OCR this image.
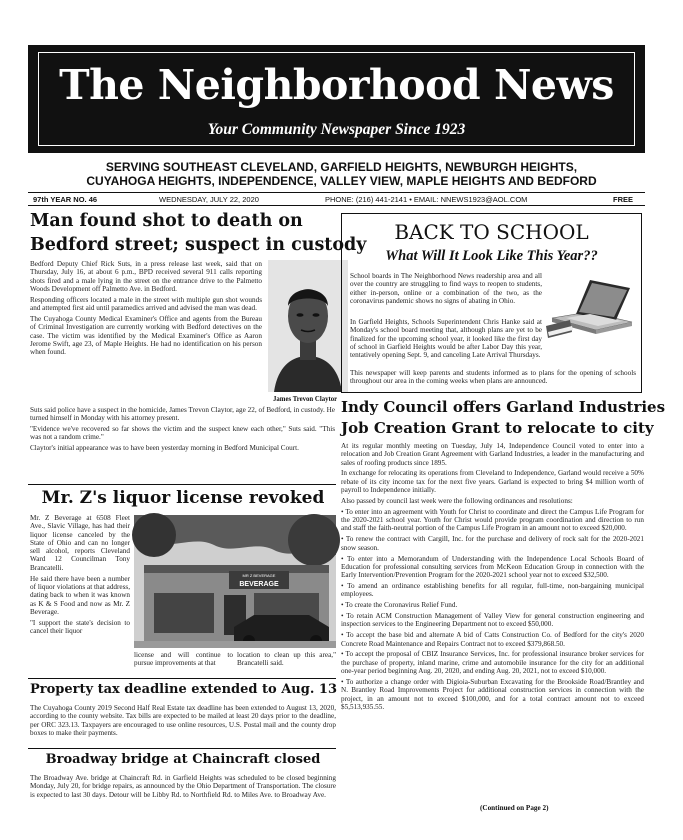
The Neighborhood News
Your Community Newspaper Since 1923
SERVING SOUTHEAST CLEVELAND, GARFIELD HEIGHTS, NEWBURGH HEIGHTS,
CUYAHOGA HEIGHTS, INDEPENDENCE, VALLEY VIEW, MAPLE HEIGHTS AND BEDFORD
97th YEAR NO. 46	WEDNESDAY, JULY 22, 2020	PHONE: (216) 441-2141 • EMAIL: NNEWS1923@AOL.COM	FREE
Man found shot to death on
Bedford street; suspect in custody

Bedford Deputy Chief Rick Suts, in a press release last week, said that on Thursday, July 16, at about 6 p.m., BPD received several 911 calls reporting shots fired and a male lying in the street on the entrance drive to the Palmetto Woods Development off Palmetto Ave. in Bedford.

Responding officers located a male in the street with multiple gun shot wounds and attempted first aid until paramedics arrived and advised the man was dead.

The Cuyahoga County Medical Examiner's Office and agents from the Bureau of Criminal Investigation are currently working with Bedford detectives on the case. The victim was identified by the Medical Examiner's Office as Aaron Jerome Swift, age 23, of Maple Heights. He had no identification on his person when found.

Suts said police have a suspect in the homicide, James Trevon Claytor, age 22, of Bedford, in custody. He turned himself in Monday with his attorney present.

"Evidence we've recovered so far shows the victim and the suspect knew each other," Suts said. "This was not a random crime."

Claytor's initial appearance was to have been yesterday morning in Bedford Municipal Court.

James Trevon Claytor
Mr. Z's liquor license revoked

Mr. Z Beverage at 6508 Fleet Ave., Slavic Village, has had their liquor license canceled by the State of Ohio and can no longer sell alcohol, reports Cleveland Ward 12 Councilman Tony Brancatelli.

He said there have been a number of liquor violations at that address, dating back to when it was known as K & S Food and now as Mr. Z Beverage.

"I support the state's decision to cancel their liquor

license and will continue to pursue improvements at that
location to clean up this area," Brancatelli said.
MR Z BEVERAGE
BEVERAGE
Property tax deadline extended to Aug. 13
The Cuyahoga County 2019 Second Half Real Estate tax deadline has been extended to August 13, 2020, according to the county website. Tax bills are expected to be mailed at least 20 days prior to the deadline, per ORC 323.13. Taxpayers are encouraged to use online resources, U.S. Postal mail and the county drop boxes to make their payments.
Broadway bridge at Chaincraft closed
The Broadway Ave. bridge at Chaincraft Rd. in Garfield Heights was scheduled to be closed beginning Monday, July 20, for bridge repairs, as announced by the Ohio Department of Transportation. The closure is expected to last 30 days. Detour will be Libby Rd. to Northfield Rd. to Miles Ave. to Broadway Ave.
BACK TO SCHOOL
What Will It Look Like This Year??
School boards in The Neighborhood News readership area and all over the country are struggling to find ways to reopen to students, either in-person, online or a combination of the two, as the coronavirus pandemic shows no signs of abating in Ohio.
In Garfield Heights, Schools Superintendent Chris Hanke said at Monday's school board meeting that, although plans are yet to be finalized for the upcoming school year, it looked like the first day of school in Garfield Heights would be after Labor Day this year, tentatively opening Sept. 9, and canceling Late Arrival Thursdays.
This newspaper will keep parents and students informed as to plans for the opening of schools throughout our area in the coming weeks when plans are announced.
Indy Council offers Garland Industries
Job Creation Grant to relocate to city

At its regular monthly meeting on Tuesday, July 14, Independence Council voted to enter into a relocation and Job Creation Grant Agreement with Garland Industries, a leader in the manufacturing and sales of roofing products since 1895.

In exchange for relocating its operations from Cleveland to Independence, Garland would receive a 50% rebate of its city income tax for the next five years. Garland is expected to bring $4 million worth of payroll to Independence initially.

Also passed by council last week were the following ordinances and resolutions:

• To enter into an agreement with Youth for Christ to coordinate and direct the Campus Life Program for the 2020-2021 school year. Youth for Christ would provide program coordination and direction to run and staff the faith-neutral portion of the Campus Life Program in an amount not to exceed $20,000.

• To renew the contract with Cargill, Inc. for the purchase and delivery of rock salt for the 2020-2021 snow season.

• To enter into a Memorandum of Understanding with the Independence Local Schools Board of Education for professional consulting services from McKeon Education Group in connection with the Early Intervention/Prevention Program for the 2020-2021 school year not to exceed $32,500.

• To amend an ordinance establishing benefits for all regular, full-time, non-bargaining municipal employees.

• To create the Coronavirus Relief Fund.

• To retain ACM Construction Management of Valley View for general construction engineering and inspection services to the Engineering Department not to exceed $50,000.

• To accept the base bid and alternate A bid of Catts Construction Co. of Bedford for the city's 2020 Concrete Road Maintenance and Repairs Contract not to exceed $379,868.50.

• To accept the proposal of CBIZ Insurance Services, Inc. for professional insurance broker services for the purchase of property, inland marine, crime and automobile insurance for the city for an additional one-year period beginning Aug. 20, 2020, and ending Aug. 20, 2021, not to exceed $10,000.

• To authorize a change order with Digioia-Suburban Excavating for the Brookside Road/Brantley and N. Brantley Road Improvements Project for additional construction services in connection with the project, in an amount not to exceed $100,000, and for a total contract amount not to exceed $5,513,935.55.

(Continued on Page 2)
